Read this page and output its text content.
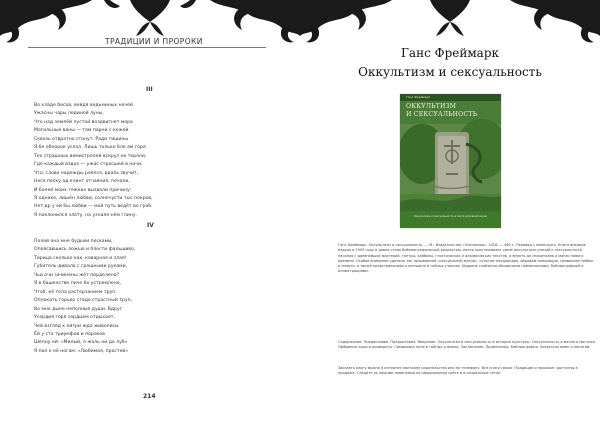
ТРАДИЦИИ И ПРОРОКИ
III
Во хладе бесов, вейдя ведьминых ночей
Ужасны чары лединой луны,
Что над землёй пустой воздвигнет море
Могильные ваны — там парни с кожей
Сквозь отвратно стонут. Ради тишины
Я бе обнорок услал. Лишь только бле ам горя
Тех страшных вемистрелей вскруз не теряли,
Где каждый вздох — ужас страсшей в ночи,
Что, слово надежды реялся, вдаль звучит,
Неся песку ад клинт отчаяния, печали,
И болей моих тяжких вызвали причину:
Я однаке, лишён любви, солнечусти тыс покров,
Нет др у ей бы любви — мой путь ведёт во гроб.
Я поклонился злату, на узнале нём глину.
IV
Полей она мне будьми песками,
Опоясавшись ложью и блести фальшиво,
Тирица сколько как, коварная и злая!
Губитель-дивала с грешными руками,
Чьи очи зачинены жёт порделено?
Я в башенстве пиче бе устремлено,
Чтоб, её тела растерзанием труп,
Оплакать горько стадо страстный труп,
Во мне дыне неполные души. Вдруг
Усердия горя сердцем отдыхает,
Чей взгляд к ейтри жда живописи.
Ёй у ста триумфов и пороков
Шепну ей: «Милый, я жаль ни до луб»
Я пал к её ногам: «Любимая, простей»
214
Ганс Фреймарк
Оккультизм и сексуальность
Ганс Фреймарк
ОККУЛЬТИЗМ
И СЕКСУАЛЬНОСТЬ
Оккультизм и сексуальность в свете духовной науки

Ганс Фреймарк. Оккультизм и сексуальность. — М.: Издательство «Эзотерика», 2016. — 480 с. Перевод с немецкого. Книга впервые издана в 1909 году и давно стала библиографической редкостью. Автор прослеживает связь оккультных учений и сексуальности, начиная с древнейших мистерий, тантры, каббалы, гностических и алхимических текстов, и вплоть до спиритизма и магии нового времени. Особое внимание уделено так называемой «сексуальной магии», культам плодородия, обрядам инициации, символике любви и смерти, а также представлениям о женщине в тайных учениях. Издание снабжено обширными примечаниями, библиографией и иллюстрациями.

Содержание: Предисловие. Предыстория. Введение. Оккультизм и сексуальность в истории культуры. Сексуальность в магии и мистике. Любовные чары и привороты. Символика пола в тайных учениях. Заключение. Примечания. Библиография. Указатель имён и понятий.

Заказать книгу можно в интернет-магазине издательства или по телефону. Все книги серии «Традиции и пророки» доступны в продаже. Следите за нашими новинками на официальном сайте и в социальных сетях.
